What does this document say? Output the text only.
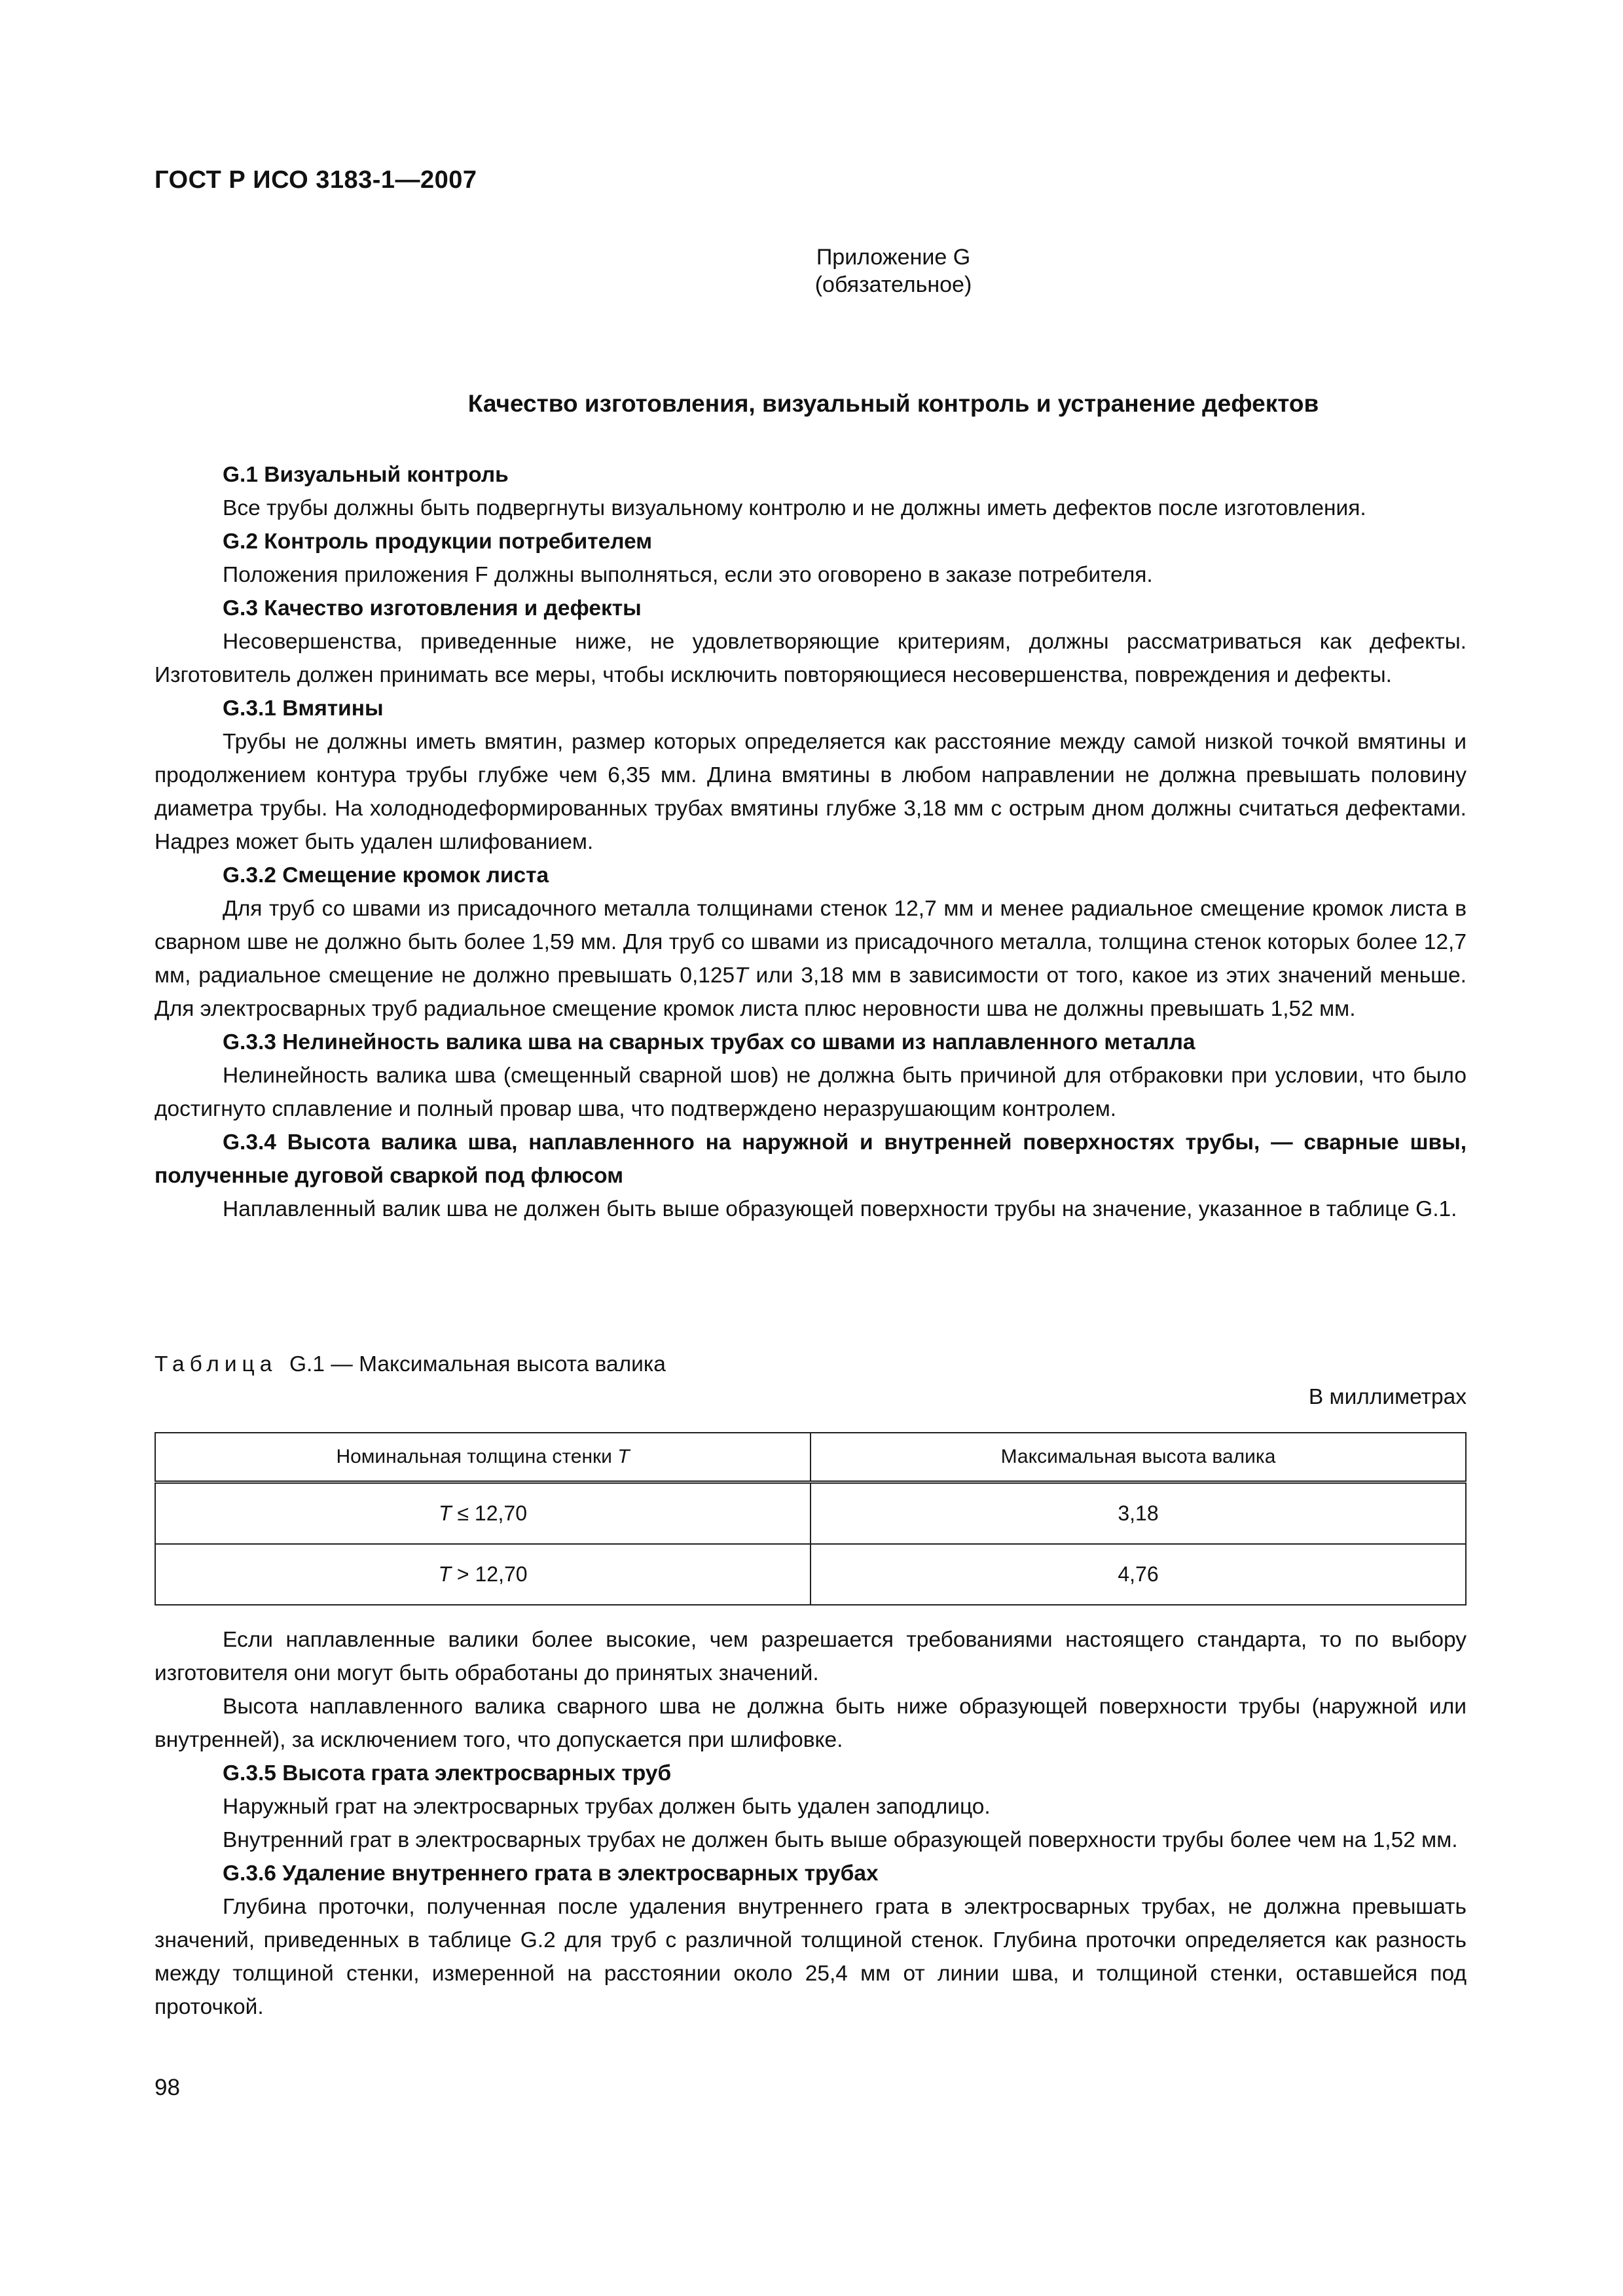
ГОСТ Р ИСО 3183-1—2007
Приложение G
(обязательное)
Качество изготовления, визуальный контроль и устранение дефектов

G.1 Визуальный контроль

Все трубы должны быть подвергнуты визуальному контролю и не должны иметь дефектов после изготовления.

G.2 Контроль продукции потребителем

Положения приложения F должны выполняться, если это оговорено в заказе потребителя.

G.3 Качество изготовления и дефекты

Несовершенства, приведенные ниже, не удовлетворяющие критериям, должны рассматриваться как дефекты. Изготовитель должен принимать все меры, чтобы исключить повторяющиеся несовершенства, повреждения и дефекты.

G.3.1 Вмятины

Трубы не должны иметь вмятин, размер которых определяется как расстояние между самой низкой точкой вмятины и продолжением контура трубы глубже чем 6,35 мм. Длина вмятины в любом направлении не должна превышать половину диаметра трубы. На холоднодеформированных трубах вмятины глубже 3,18 мм с острым дном должны считаться дефектами. Надрез может быть удален шлифованием.

G.3.2 Смещение кромок листа

Для труб со швами из присадочного металла толщинами стенок 12,7 мм и менее радиальное смещение кромок листа в сварном шве не должно быть более 1,59 мм. Для труб со швами из присадочного металла, толщина стенок которых более 12,7 мм, радиальное смещение не должно превышать 0,125T или 3,18 мм в зависимости от того, какое из этих значений меньше. Для электросварных труб радиальное смещение кромок листа плюс неровности шва не должны превышать 1,52 мм.

G.3.3 Нелинейность валика шва на сварных трубах со швами из наплавленного металла

Нелинейность валика шва (смещенный сварной шов) не должна быть причиной для отбраковки при условии, что было достигнуто сплавление и полный провар шва, что подтверждено неразрушающим контролем.

G.3.4 Высота валика шва, наплавленного на наружной и внутренней поверхностях трубы, — сварные швы, полученные дуговой сваркой под флюсом

Наплавленный валик шва не должен быть выше образующей поверхности трубы на значение, указанное в таблице G.1.

Таблица G.1 — Максимальная высота валика
В миллиметрах
Номинальная толщина стенки T	Максимальная высота валика
T ≤ 12,70	3,18
T > 12,70	4,76

Если наплавленные валики более высокие, чем разрешается требованиями настоящего стандарта, то по выбору изготовителя они могут быть обработаны до принятых значений.

Высота наплавленного валика сварного шва не должна быть ниже образующей поверхности трубы (наружной или внутренней), за исключением того, что допускается при шлифовке.

G.3.5 Высота грата электросварных труб

Наружный грат на электросварных трубах должен быть удален заподлицо.

Внутренний грат в электросварных трубах не должен быть выше образующей поверхности трубы более чем на 1,52 мм.

G.3.6 Удаление внутреннего грата в электросварных трубах

Глубина проточки, полученная после удаления внутреннего грата в электросварных трубах, не должна превышать значений, приведенных в таблице G.2 для труб с различной толщиной стенок. Глубина проточки определяется как разность между толщиной стенки, измеренной на расстоянии около 25,4 мм от линии шва, и толщиной стенки, оставшейся под проточкой.

98
